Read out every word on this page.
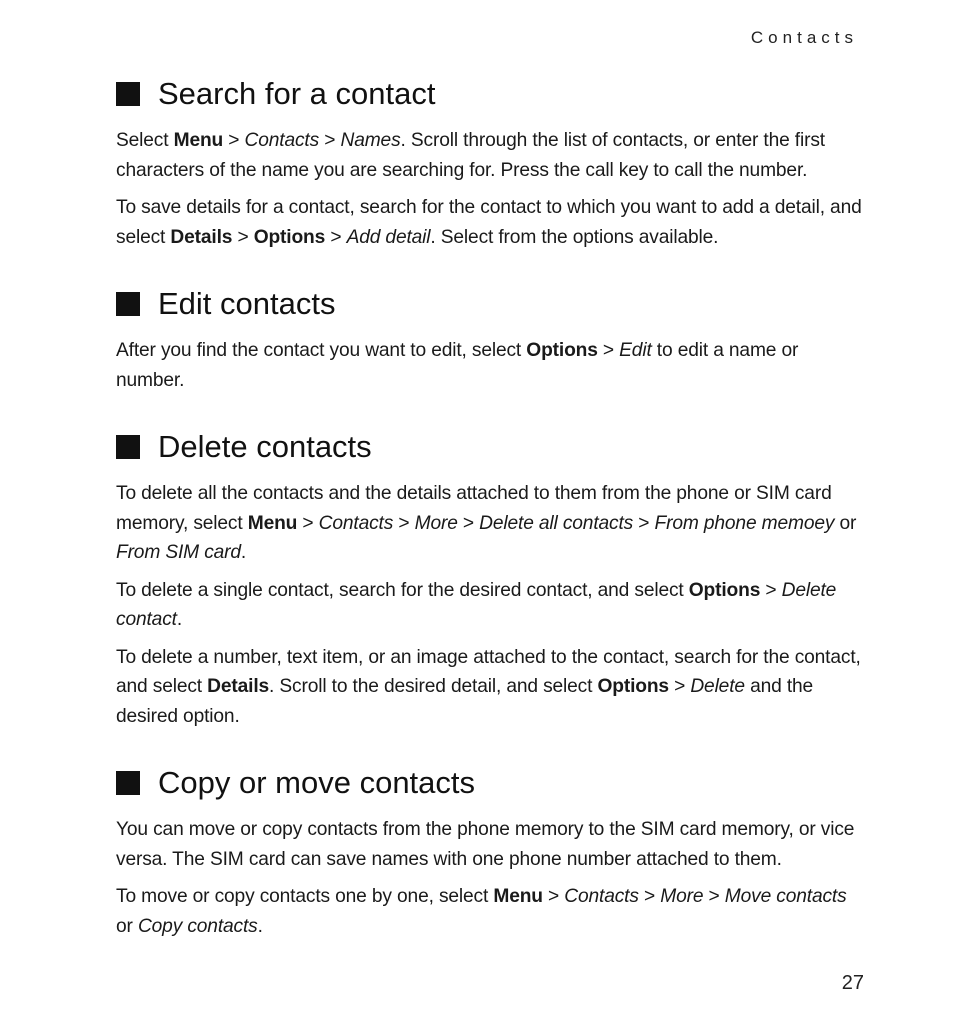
Contacts
Search for a contact

Select Menu > Contacts > Names. Scroll through the list of contacts, or enter the first characters of the name you are searching for. Press the call key to call the number.

To save details for a contact, search for the contact to which you want to add a detail, and select Details > Options > Add detail. Select from the options available.

Edit contacts

After you find the contact you want to edit, select Options > Edit to edit a name or number.

Delete contacts

To delete all the contacts and the details attached to them from the phone or SIM card memory, select Menu > Contacts > More > Delete all contacts > From phone memoey or From SIM card.

To delete a single contact, search for the desired contact, and select Options > Delete contact.

To delete a number, text item, or an image attached to the contact, search for the contact, and select Details. Scroll to the desired detail, and select Options > Delete and the desired option.

Copy or move contacts

You can move or copy contacts from the phone memory to the SIM card memory, or vice versa. The SIM card can save names with one phone number attached to them.

To move or copy contacts one by one, select Menu > Contacts > More > Move contacts or Copy contacts.

27
